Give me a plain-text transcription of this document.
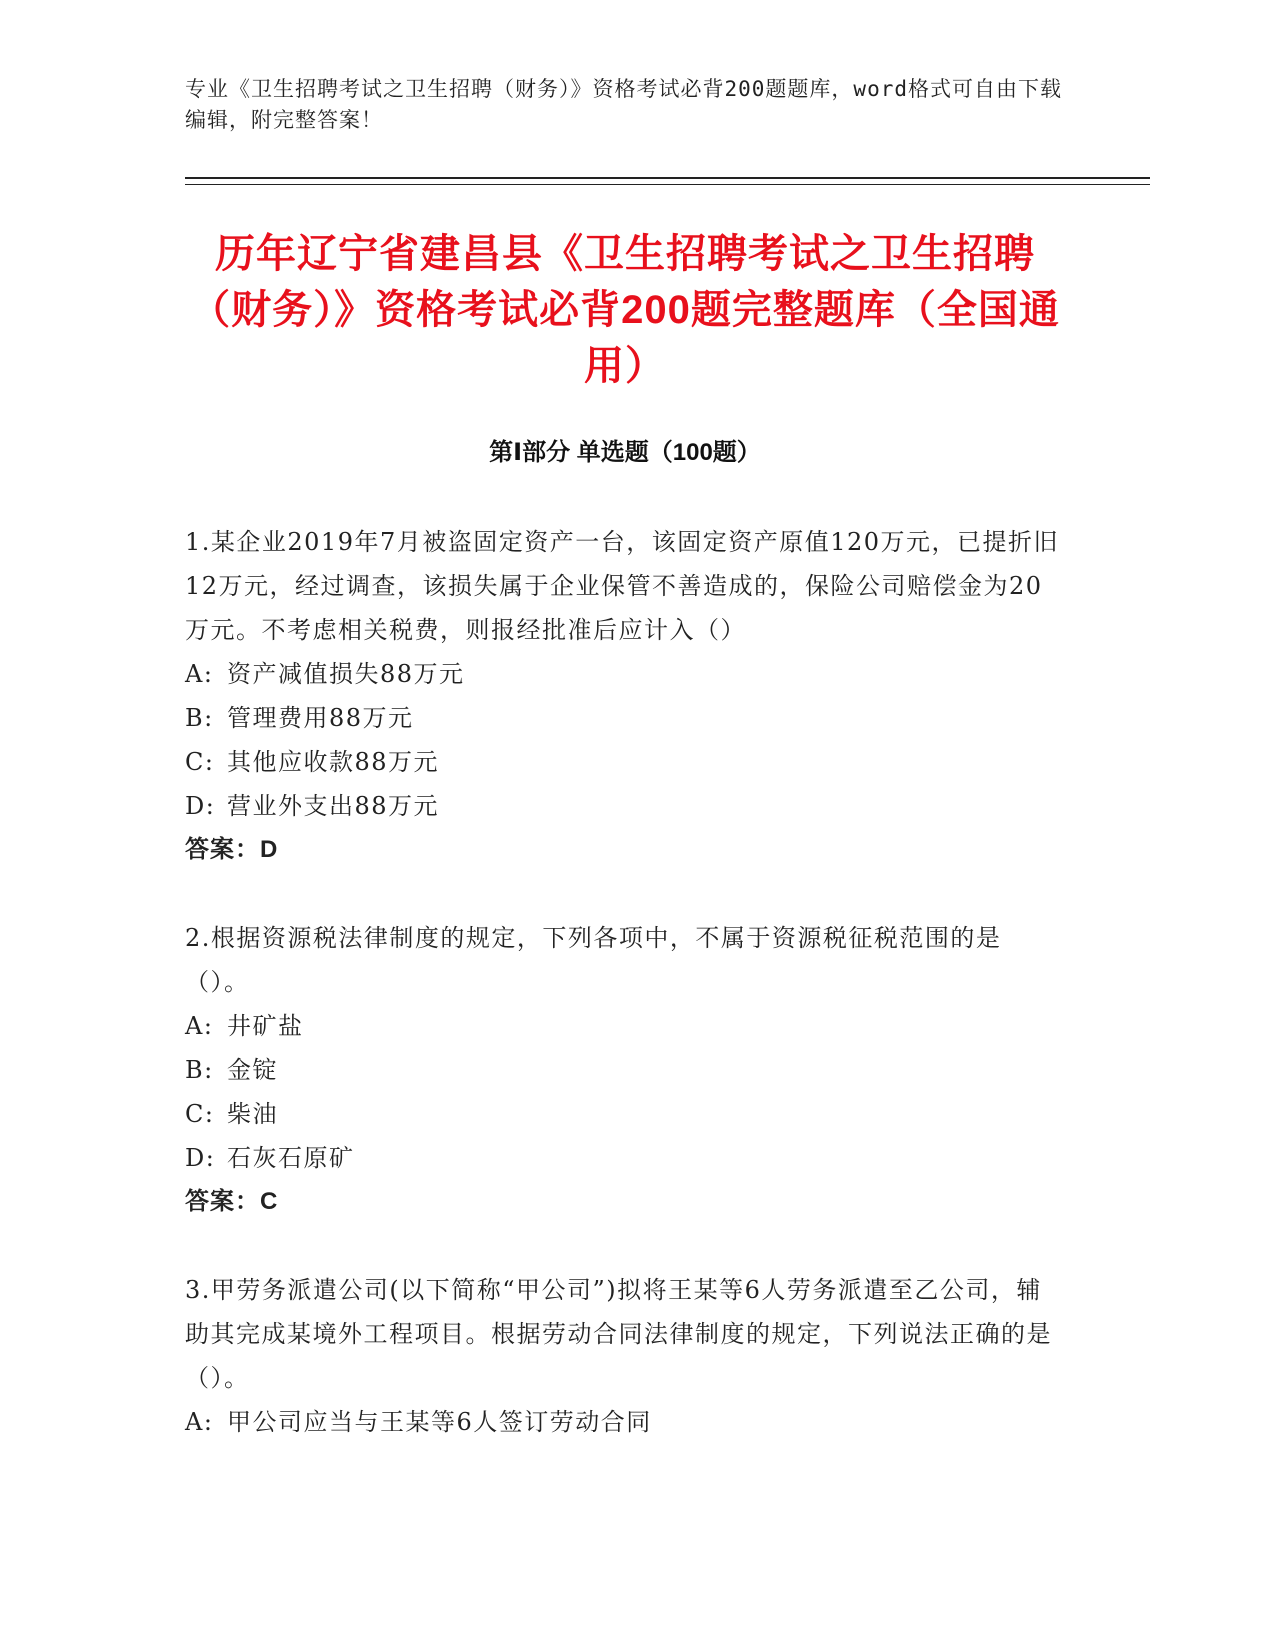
专业《卫生招聘考试之卫生招聘（财务）》资格考试必背200题题库，word格式可自由下载编辑，附完整答案！
历年辽宁省建昌县《卫生招聘考试之卫生招聘（财务）》资格考试必背200题完整题库（全国通用）
第Ⅰ部分 单选题（100题）

1.某企业2019年7月被盗固定资产一台，该固定资产原值120万元，已提折旧12万元，经过调查，该损失属于企业保管不善造成的，保险公司赔偿金为20万元。不考虑相关税费，则报经批准后应计入（）

A: 资产减值损失88万元

B: 管理费用88万元

C: 其他应收款88万元

D: 营业外支出88万元

答案：D

2.根据资源税法律制度的规定，下列各项中，不属于资源税征税范围的是（）。

A: 井矿盐

B: 金锭

C: 柴油

D: 石灰石原矿

答案：C

3.甲劳务派遣公司(以下简称“甲公司”)拟将王某等6人劳务派遣至乙公司，辅助其完成某境外工程项目。根据劳动合同法律制度的规定，下列说法正确的是（）。

A: 甲公司应当与王某等6人签订劳动合同
